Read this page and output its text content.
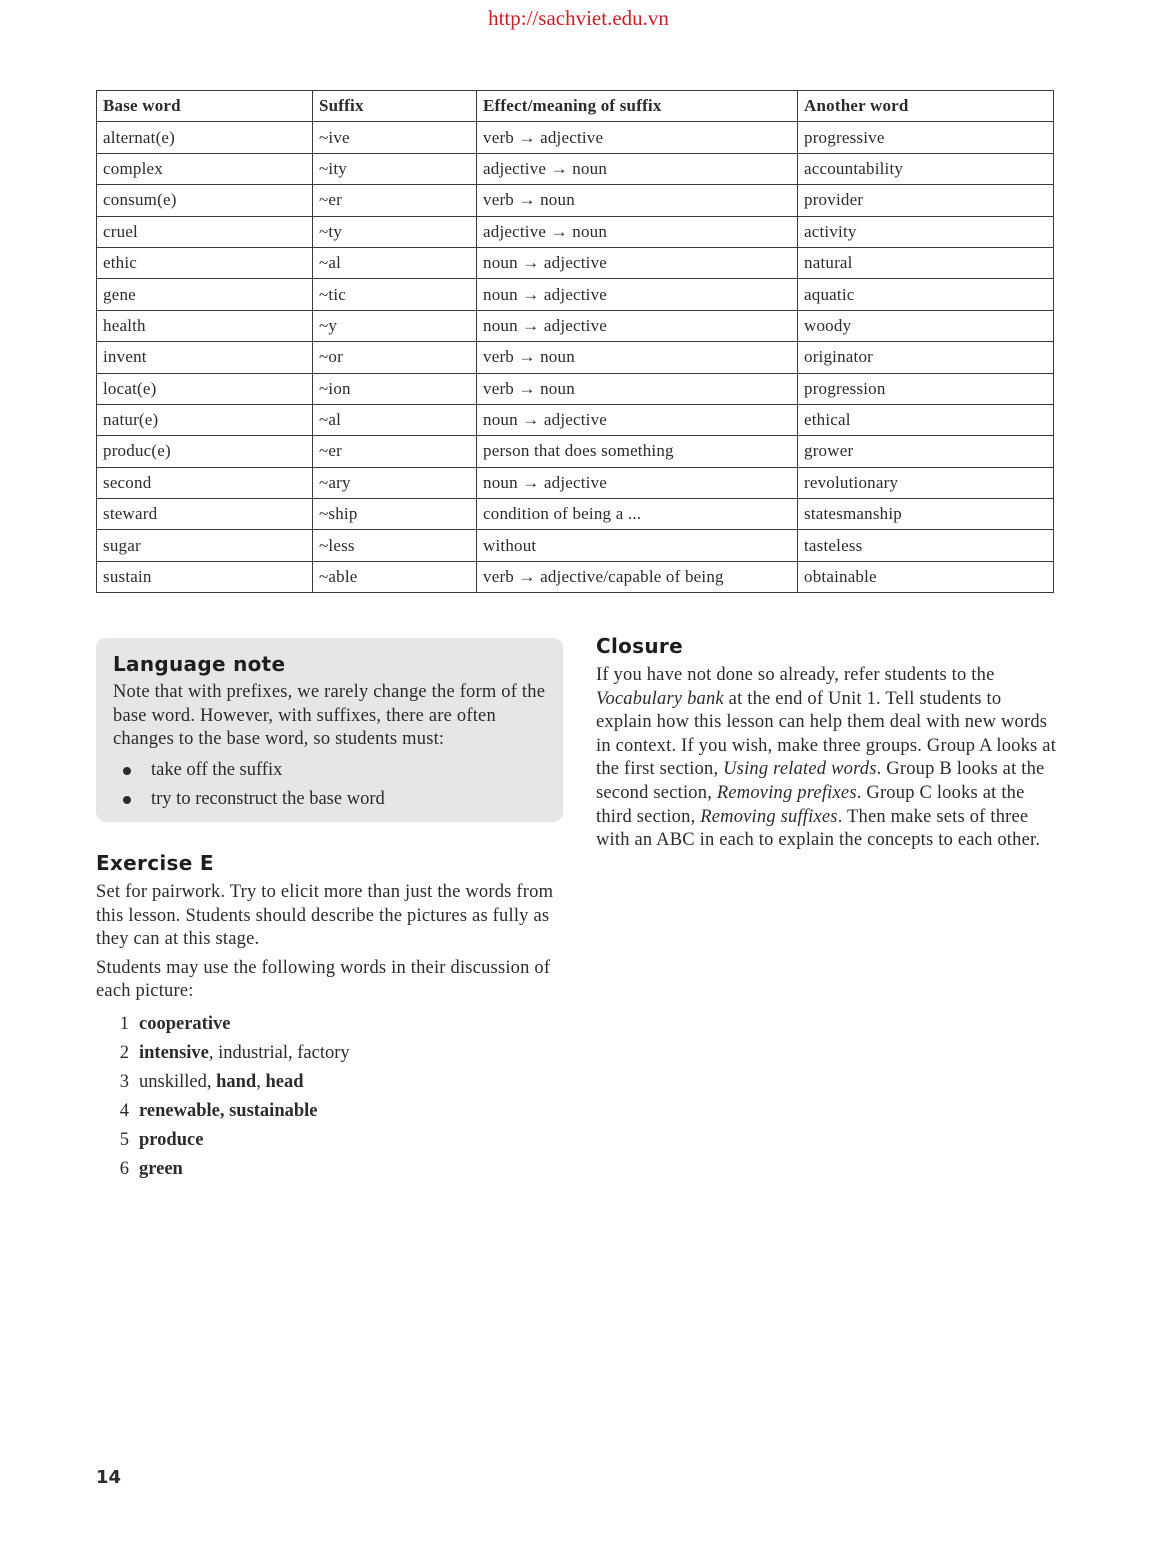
http://sachviet.edu.vn
Base word	Suffix	Effect/meaning of suffix	Another word
alternat(e)	~ive	verb → adjective	progressive
complex	~ity	adjective → noun	accountability
consum(e)	~er	verb → noun	provider
cruel	~ty	adjective → noun	activity
ethic	~al	noun → adjective	natural
gene	~tic	noun → adjective	aquatic
health	~y	noun → adjective	woody
invent	~or	verb → noun	originator
locat(e)	~ion	verb → noun	progression
natur(e)	~al	noun → adjective	ethical
produc(e)	~er	person that does something	grower
second	~ary	noun → adjective	revolutionary
steward	~ship	condition of being a ...	statesmanship
sugar	~less	without	tasteless
sustain	~able	verb → adjective/capable of being	obtainable
Language note

Note that with prefixes, we rarely change the form of the base word. However, with suffixes, there are often changes to the base word, so students must:

take off the suffix
try to reconstruct the base word
Exercise E

Set for pairwork. Try to elicit more than just the words from this lesson. Students should describe the pictures as fully as they can at this stage.

Students may use the following words in their discussion of each picture:

1 cooperative
2 intensive, industrial, factory
3 unskilled, hand, head
4 renewable, sustainable
5 produce
6 green
Closure

If you have not done so already, refer students to the Vocabulary bank at the end of Unit 1. Tell students to explain how this lesson can help them deal with new words in context. If you wish, make three groups. Group A looks at the first section, Using related words. Group B looks at the second section, Removing prefixes. Group C looks at the third section, Removing suffixes. Then make sets of three with an ABC in each to explain the concepts to each other.

14
